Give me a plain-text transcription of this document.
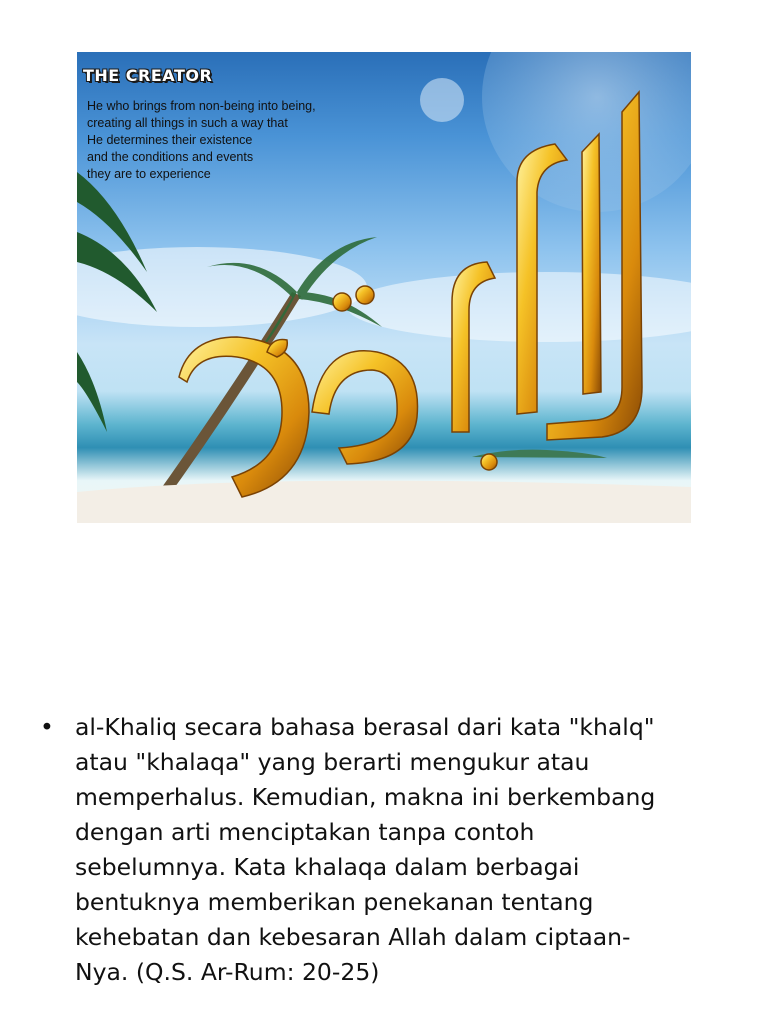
THE CREATOR
He who brings from non-being into being,
creating all things in such a way that
He determines their existence
and the conditions and events
they are to experience
• al-Khaliq secara bahasa berasal dari kata "khalq"
atau "khalaqa" yang berarti mengukur atau
memperhalus. Kemudian, makna ini berkembang
dengan arti menciptakan tanpa contoh
sebelumnya. Kata khalaqa dalam berbagai
bentuknya memberikan penekanan tentang
kehebatan dan kebesaran Allah dalam ciptaan-
Nya. (Q.S. Ar-Rum: 20-25)
